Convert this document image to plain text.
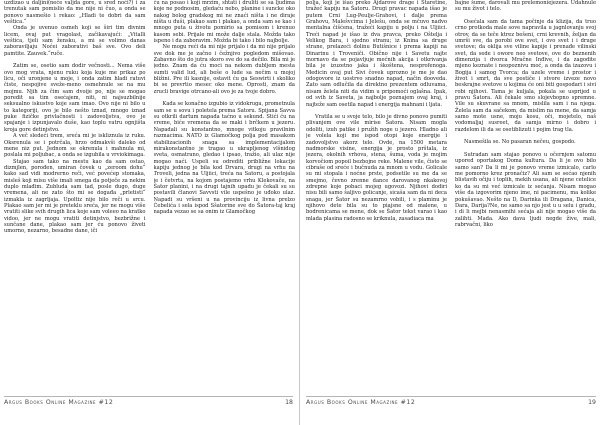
uzdizao u daljini(neće valjda gore, u sred noći?) i za trenutak sam pomislio da me nije ni čuo, a onda se ponovo nasmešio i rekao: „Hladi te dobri da sam veštica.“

Onda je uvenuo osmeh koji se širi tim divnim licem, ovaj put vragolast, začikavajući: „Vitalli veštica, tjeli sam žensku, a mi se volimo danas zaboraviljaju Noćei zaborativi baš sve. Ovo deli pamtite. Zauvek.“ruče.

Zatim se, osetio sam dodir večnosti... Nema više ovo mog vrata, njenu ruku koja kuje me prikaz po licu, oči uronjene u moje, i onda zatim hladi ratuvi čiste, nespojive sveže-meno osmehnule se na mu mojmu. Njih za čim sam dvoije po, nije se mogao poredit sa tim osećajem, niti, ni najsuzbilnije seksualno iskustvo koje sam imao. Ovo nije ni bilo u to kategoriji, ovo je bilo nešto iznad, mnogo iznad puke fizičke privlačnosti i zadovoljstva, ovo je spajanje i izpunjavalo duše, kao toplu vatru ognjišta kroja gore detinjstvo.

A več sledeći trem, sreća mi je iskliznula iz ruku. Oksrenula se i potrčala, hrzo odmakvši daleko od mene niz put. Jednom se okrenula i mahnula mi, poslala mi poljubac, a onda se izgubila u vrviokimaga.

Stajao sam tako na mestu kao da sam ostao, dizmjlen, porođen, umiran čovek u „zeroom dohu“ kako sad vidi modrerno reči, već povećep stomaka, misleš koji misu više imali smega da potječe za nekim duplo mlađim. Zubluda sam tad, posle dugo, duge vremena, ali ne zato što mi se događa „prletisti“ izmakla iz zagrljaja. Upoltiz nije bilo reči u srcu. Plakao sam jer mi je preteklu sreća, jer ne mogu više vratiti slike svih drugih lica koje sam voleeo na kratko vidoo, jer ne mogu vratiti detinjstvo, bezbrižne i sunčane dane, plakao sam jer ću ponovo živeti umorno, nezarno, besadne dane, iči

ću na posao i koji mrzim, shtati i druliti se sa ljudima koje ne podnosim, gledaću nebo, planine i suncke oko nakog bolog gradskog mi ne znaći ništa i ne diraje ništa u duši, plakao sam i plakao, a onda sam se kao i mnogo puta u životu pomirio sa pomisom i krenuo kasom sebi. Prijale mi može dalje stala. Možda tako ispeno i da zaboravim. Možda bi tako i bilo najbolje.

Ne mogu reći da mi nije prijalo i da mi nije prijalo sve dok me je začno i čežnjivo pogledom mišovao. Zabavno što do jutra skoro sve do sa dečilo. Bila mi je jedno. Znam da ću moci na nekom dubljem mesta sumti valid lud, ali beše o lude sa nečim u mojoj bližini. Pre ili kasnije, ostavit ću ga Seswirti i skoliko bi se prevrtio mesec oko mene. Oprosti, znam da zrucli bravige otrcano-ali ovo je za tvoje dobro.

Kada se konačno izgubio iz vidokruga, prometnula sam se u sovu i poletela prema Satoru. Spijana Savva su otkrili dartum napada taćno u sekund. Stići ću na vreme, biće vremena da se maki i brčkem u jezeru. Napadali su konstantno, mnoge vitkoju pravilnim razmacima. NATO iz Glamočkog polja pod masakom stabilizacionih snaga sa implementacijalom mirakonstantno je tragao u ukrapljenog vlšnidog sveta, osmatrano, gledao i ipsao, tražio, ali ulaz nije mogao naći. Uspeli su odrediti približne lokacije kapiju jednog je bila kod Drvara, drugi na vrhu na Troveli, jedna na Uljiici, treća na Satoru, a postojala je i četvrta, na kojom postajemo vrhu Klekovače, na Šator planini, i na drugi tajnih upadu je čekali su su postavili članovi Savvsti vile uspešno je uđoko ulaz. Napadi su vršeni u na provinciju iz livna prelzo Ćebelića i sela ispod Sšatorine sve do Šatora-taj kraj napada vezao se sa onim iz Glamočkog

Argus Books Online Magazine #12	18

polja, koji je išao preko Ajdarove drage i Staretine, tražeć kapiju na Šatoru. Drugi pravac napada išao je putem Crni Lug-Peulje-Grahovi, i dalje prema Grahovu, Malešvcima i Jelešu, onda se mčuvo nadvo mentalna čišćena, tražeći kapiju u polju i na Uljiici. Treći napad je išao iz dva pravca, preko Oštelja i Velikog Bara, i sjedno stranu; iz Knina sa druge strane, prelazeći dolinu Butišnice i prema kapiji na Dinarinu i Troveniči. Obično nije i Savetu najte mornavo da se pojavljuje mećnih akcija i otkrivanja bila je izuzetno jaka i škoštena, nesprofenoga. Medicin ovaj put Sivi čovek uprozno je me je dao odogovore iz uostrvo snadno napad, način dooveda. Zato sam odlučila da direktno prezentem odluvama, nisam želela niti da vidim u pripomoći oglašna. Ipak, od svih iz Saveta, ja najbolje poznajem ovaj kraj, i najteže sam osetila napad i energija mahnani i ljata.

Vratila se u svoje telo, bilo je divno ponovo pumiti plivanjem ove vile mirise Šatora. Nisam mogla odoliti, izuh patike i pružih noge u jezero. Hladno ali je volela koji me ispod otopi koje energije i zadovoljstvo akorz telo. Ovde, na 1500 metara nadmorske visine, energija je prosto prštala, iz jezera, okolnih vrhova, stena, šuma, voda je mojim korvočiom popoil bezbojne reke. Malene vile, čisto se cibraše od sreće i bučnuda za mnom u vodu. Golicale su mi stopala i noćne prste, podsetile su me da se smejmo, čevno zrenne dance darovanog nkakovoj zdrepne koje pobaci mojeg ugovozi. Njihovi dodiri nisu bili samo šaljivo golicanje, sicaša sam da ni deca snaga, jer Šator su nezamrno vobili, i s plaminu je njihovo dete bila su to piajsne od malene, u bodrenicama se mene, dok se Šator tekst varao i kao mlada plasina radosno se kriknula, zasadiaca ma

bajne šume, darovali mu prelemoniejezera. Udahnule su mu život i telo.

Osećala sam da tama počinje da klizija, da truo crno protkoda male sove napravila u jagnlovanju svoj otrov, da se teče ktrez bešeni, crni krevnih, željan da umrši sve, da porobi ove svet, i ovo svet i i druge svetove; da oklija sve viline kapije i prenađe vilinski svet, da sede i owore neo svetove, ove do beznenih dimenzija i dvorca Mračne Inđive, i da zagodite mjeno keznate i neopoznivu moć, a onda da izazovu i Bogija i samog Tvorca; da uzele vreme i prostor i život i smrt, da sve postiče i stvore izveze novo beskrajne svetove u kojima će oni biti gospodari i sivi robi njihovi. Tama je kuljala, pokala se usprijed u pravu Šatora. Ali čekale smo slojevbopno spremne. Vile su skuvrane sa mnom, mislila sam i na njega. Želela sam da sačekom, da mislim na mene, da samja samo mote usne, moju kosu, oči, mojetelo, naš vodomaljaj susreet, da samja mirno i dobro i razdelom ili da se osetiblizuti i pojim trag tla.

Nasmešila se. No pasaran nečeu, gospodo.

Sutradan sam stajao ponovo u očernjem satomu upored oportakog Doma kultura. Da li je ovo bilo samo san? Da li mi je ponovo vreme izmicalo, carlo me pomorno krez pronačiz? Ali sam se sećao njenih blistavih očiju i toplih, mekih usana, ali njene cetelice ko da su mi već izmicale iz sećanja. Nisam mogao više da izgovorim njeno ime, ni pacimenu, ma kolike pokušavao. Nešto na D, Darinka ili Dragana, Danica, Dara, Darija?Ne, ne samo sa njo jest u u selu i gradu, i di li mejbi nenasmihi sećaja ali nije mogao više da zalihti. Mada. Ako dava ljudi negde žive, mali, rabrvačni, liko

Argus Books Online Magazine #12	19
